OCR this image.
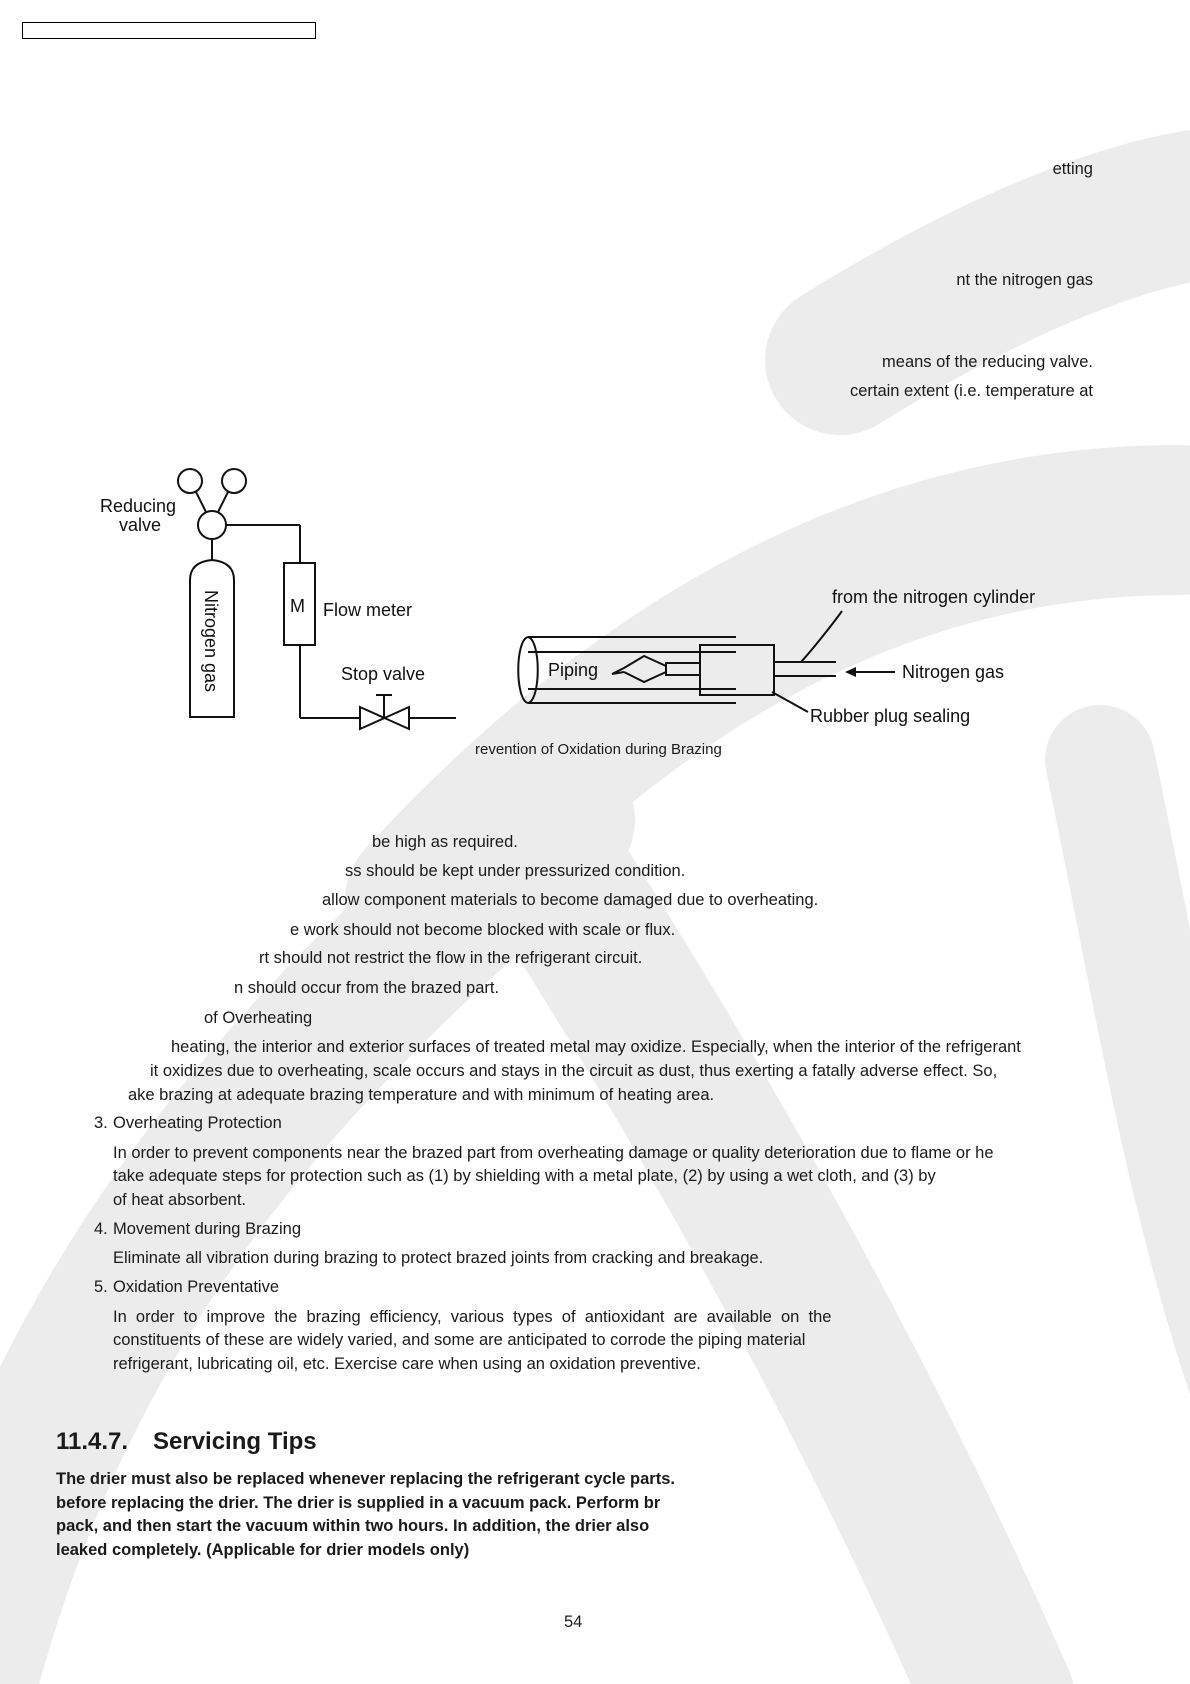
etting
nt the nitrogen gas
means of the reducing valve.
certain extent (i.e. temperature at
Reducing
valve
Nitrogen gas	M Flow meter
Stop valve	Piping
from the nitrogen cylinder
Nitrogen gas
Rubber plug sealing
revention of Oxidation during Brazing
be high as required.
ss should be kept under pressurized condition.
allow component materials to become damaged due to overheating.
e work should not become blocked with scale or flux.
rt should not restrict the flow in the refrigerant circuit.
n should occur from the brazed part.
of Overheating
heating, the interior and exterior surfaces of treated metal may oxidize. Especially, when the interior of the refrigerant
it oxidizes due to overheating, scale occurs and stays in the circuit as dust, thus exerting a fatally adverse effect. So,
ake brazing at adequate brazing temperature and with minimum of heating area.
3. Overheating Protection
In order to prevent components near the brazed part from overheating damage or quality deterioration due to flame or he
take adequate steps for protection such as (1) by shielding with a metal plate, (2) by using a wet cloth, and (3) by
of heat absorbent.
4. Movement during Brazing
Eliminate all vibration during brazing to protect brazed joints from cracking and breakage.
5. Oxidation Preventative
In  order  to  improve  the  brazing  efficiency,  various  types  of  antioxidant  are  available  on  the
constituents of these are widely varied, and some are anticipated to corrode the piping material
refrigerant, lubricating oil, etc. Exercise care when using an oxidation preventive.
11.4.7. Servicing Tips
The drier must also be replaced whenever replacing the refrigerant cycle parts.
before replacing the drier. The drier is supplied in a vacuum pack. Perform br
pack, and then start the vacuum within two hours. In addition, the drier also
leaked completely. (Applicable for drier models only)
54
